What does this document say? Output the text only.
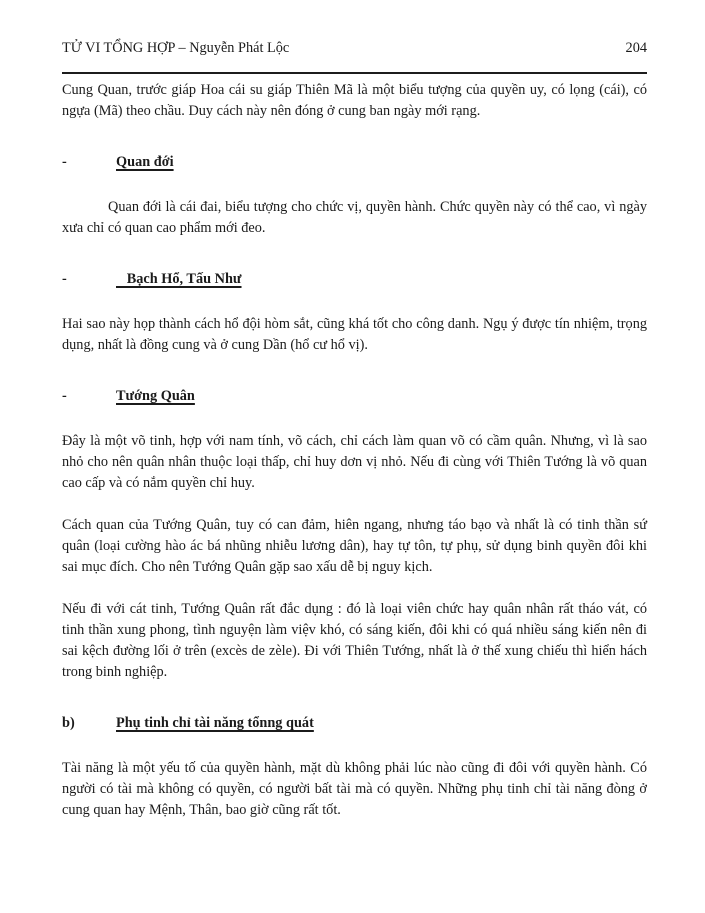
TỬ VI TỔNG HỢP – Nguyễn Phát Lộc	204

Cung Quan, trước giáp Hoa cái su giáp Thiên Mã là một biểu tượng của quyền uy, có lọng (cái), có ngựa (Mã) theo chầu. Duy cách này nên đóng ở cung ban ngày mới rạng.

-	Quan đới

Quan đới là cái đai, biểu tượng cho chức vị, quyền hành. Chức quyền này có thể cao, vì ngày xưa chỉ có quan cao phẩm mới đeo.

-	Bạch Hổ, Tấu Như

Hai sao này họp thành cách hổ đội hòm sắt, cũng khá tốt cho công danh. Ngụ ý được tín nhiệm, trọng dụng, nhất là đồng cung và ở cung Dần (hổ cư hổ vị).

-	Tướng Quân

Đây là một võ tinh, hợp với nam tính, võ cách, chỉ cách làm quan võ có cầm quân. Nhưng, vì là sao nhỏ cho nên quân nhân thuộc loại thấp, chỉ huy dơn vị nhỏ. Nếu đi cùng với Thiên Tướng là võ quan cao cấp và có nắm quyền chỉ huy.

Cách quan của Tướng Quân, tuy có can đảm, hiên ngang, nhưng táo bạo và nhất là có tinh thần sứ quân (loại cường hào ác bá nhũng nhiễu lương dân), hay tự tôn, tự phụ, sử dụng binh quyền đôi khi sai mục đích. Cho nên Tướng Quân gặp sao xấu dễ bị nguy kịch.

Nếu đi với cát tinh, Tướng Quân rất đắc dụng : đó là loại viên chức hay quân nhân rất tháo vát, có tinh thần xung phong, tình nguyện làm việv khó, có sáng kiến, đôi khi có quá nhiều sáng kiến nên đi sai kệch đường lối ở trên (excès de zèle). Đi với Thiên Tướng, nhất là ở thế xung chiếu thì hiển hách trong binh nghiệp.

b)	Phụ tinh chỉ tài năng tổnng quát

Tài năng là một yếu tố của quyền hành, mặt dù không phải lúc nào cũng đi đôi với quyền hành. Có người có tài mà không có quyền, có người bất tài mà có quyền. Những phụ tinh chỉ tài năng đòng ở cung quan hay Mệnh, Thân, bao giờ cũng rất tốt.
